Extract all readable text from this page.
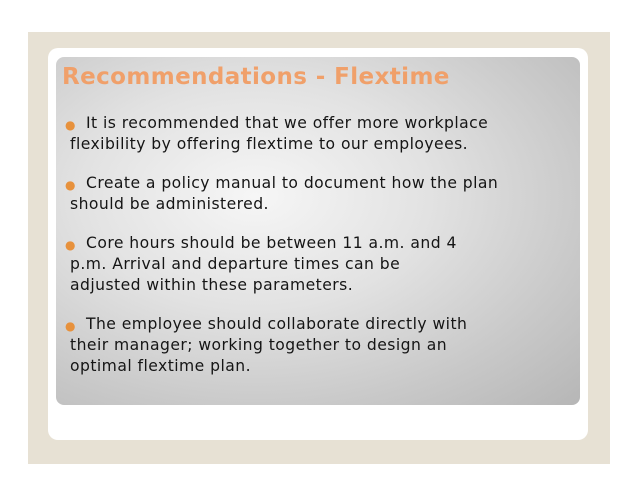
Recommendations - Flextime
● It is recommended that we offer more workplace
flexibility by offering flextime to our employees.
● Create a policy manual to document how the plan
should be administered.
● Core hours should be between 11 a.m. and 4
p.m. Arrival and departure times can be
adjusted within these parameters.
● The employee should collaborate directly with
their manager; working together to design an
optimal flextime plan.
